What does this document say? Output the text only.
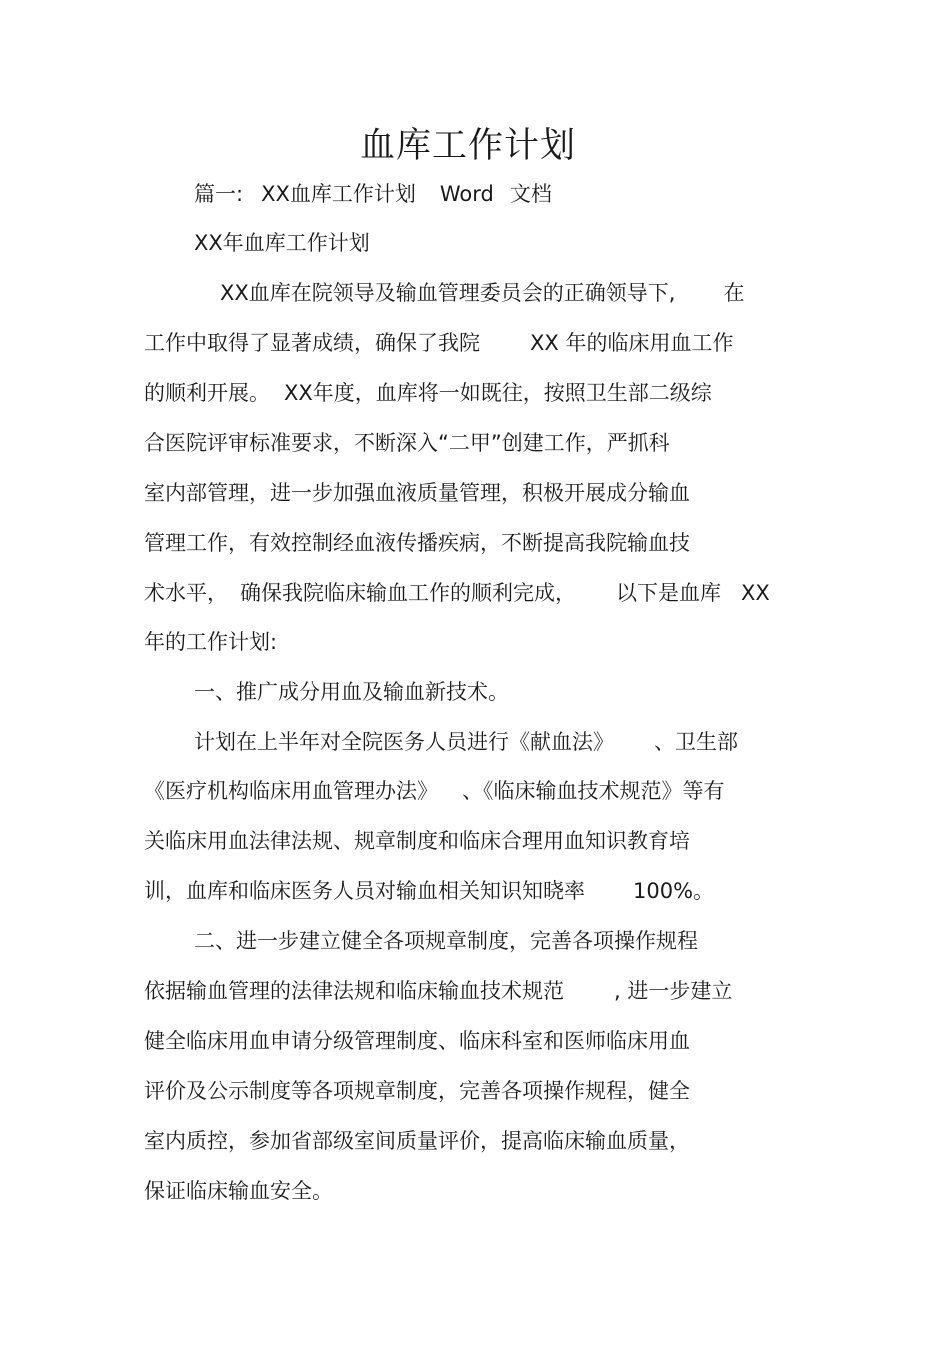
血库工作计划
篇一: XX血库工作计划 Word 文档
XX年血库工作计划
XX血库在院领导及输血管理委员会的正确领导下, 在
工作中取得了显著成绩，确保了我院 XX 年的临床用血工作
的顺利开展。 XX年度，血库将一如既往，按照卫生部二级综
合医院评审标准要求，不断深入“二甲”创建工作，严抓科
室内部管理，进一步加强血液质量管理，积极开展成分输血
管理工作，有效控制经血液传播疾病，不断提高我院输血技
术水平， 确保我院临床输血工作的顺利完成， 以下是血库 XX
年的工作计划:
一、推广成分用血及输血新技术。
计划在上半年对全院医务人员进行《献血法》 、卫生部
《医疗机构临床用血管理办法》 、《临床输血技术规范》等有
关临床用血法律法规、规章制度和临床合理用血知识教育培
训，血库和临床医务人员对输血相关知识知晓率 100%。
二、进一步建立健全各项规章制度，完善各项操作规程
依据输血管理的法律法规和临床输血技术规范 , 进一步建立
健全临床用血申请分级管理制度、临床科室和医师临床用血
评价及公示制度等各项规章制度，完善各项操作规程，健全
室内质控，参加省部级室间质量评价，提高临床输血质量，
保证临床输血安全。
